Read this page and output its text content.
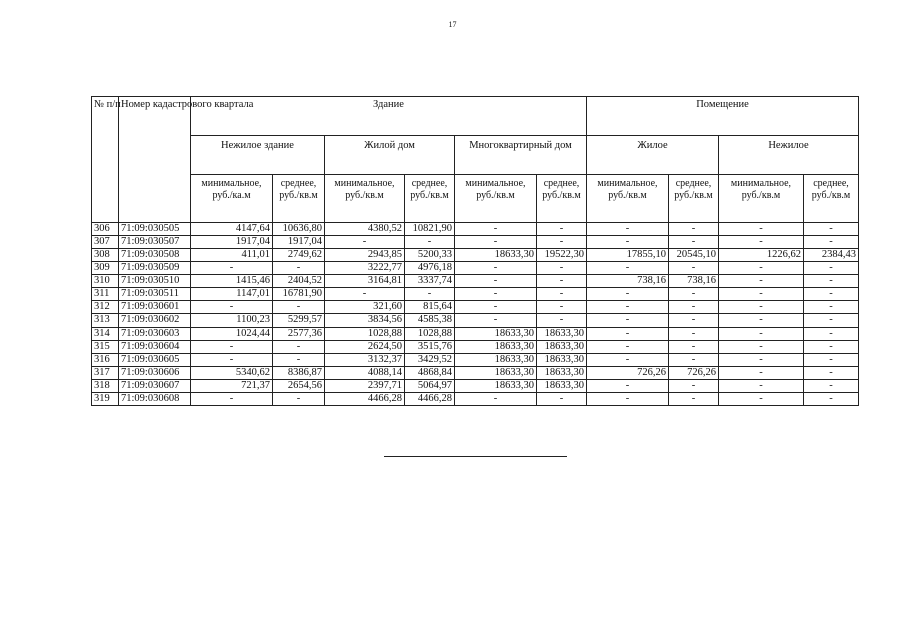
17
№ п/п	Номер кадастрового квартала	Здание						Помещение			
		Нежилое здание		Жилой дом		Многоквартирный дом		Жилое		Нежилое	
		минимальное, руб./ка.м	среднее, руб./кв.м	минимальное, руб./кв.м	среднее, руб./кв.м	минимальное, руб./кв.м	среднее, руб./кв.м	минимальное, руб./кв.м	среднее, руб./кв.м	минимальное, руб./кв.м	среднее, руб./кв.м
306	71:09:030505	4147,64	10636,80	4380,52	10821,90	-	-	-	-	-	-
307	71:09:030507	1917,04	1917,04	-	-	-	-	-	-	-	-
308	71:09:030508	411,01	2749,62	2943,85	5200,33	18633,30	19522,30	17855,10	20545,10	1226,62	2384,43
309	71:09:030509	-	-	3222,77	4976,18	-	-	-	-	-	-
310	71:09:030510	1415,46	2404,52	3164,81	3337,74	-	-	738,16	738,16	-	-
311	71:09:030511	1147,01	16781,90	-	-	-	-	-	-	-	-
312	71:09:030601	-	-	321,60	815,64	-	-	-	-	-	-
313	71:09:030602	1100,23	5299,57	3834,56	4585,38	-	-	-	-	-	-
314	71:09:030603	1024,44	2577,36	1028,88	1028,88	18633,30	18633,30	-	-	-	-
315	71:09:030604	-	-	2624,50	3515,76	18633,30	18633,30	-	-	-	-
316	71:09:030605	-	-	3132,37	3429,52	18633,30	18633,30	-	-	-	-
317	71:09:030606	5340,62	8386,87	4088,14	4868,84	18633,30	18633,30	726,26	726,26	-	-
318	71:09:030607	721,37	2654,56	2397,71	5064,97	18633,30	18633,30	-	-	-	-
319	71:09:030608	-	-	4466,28	4466,28	-	-	-	-	-	-
